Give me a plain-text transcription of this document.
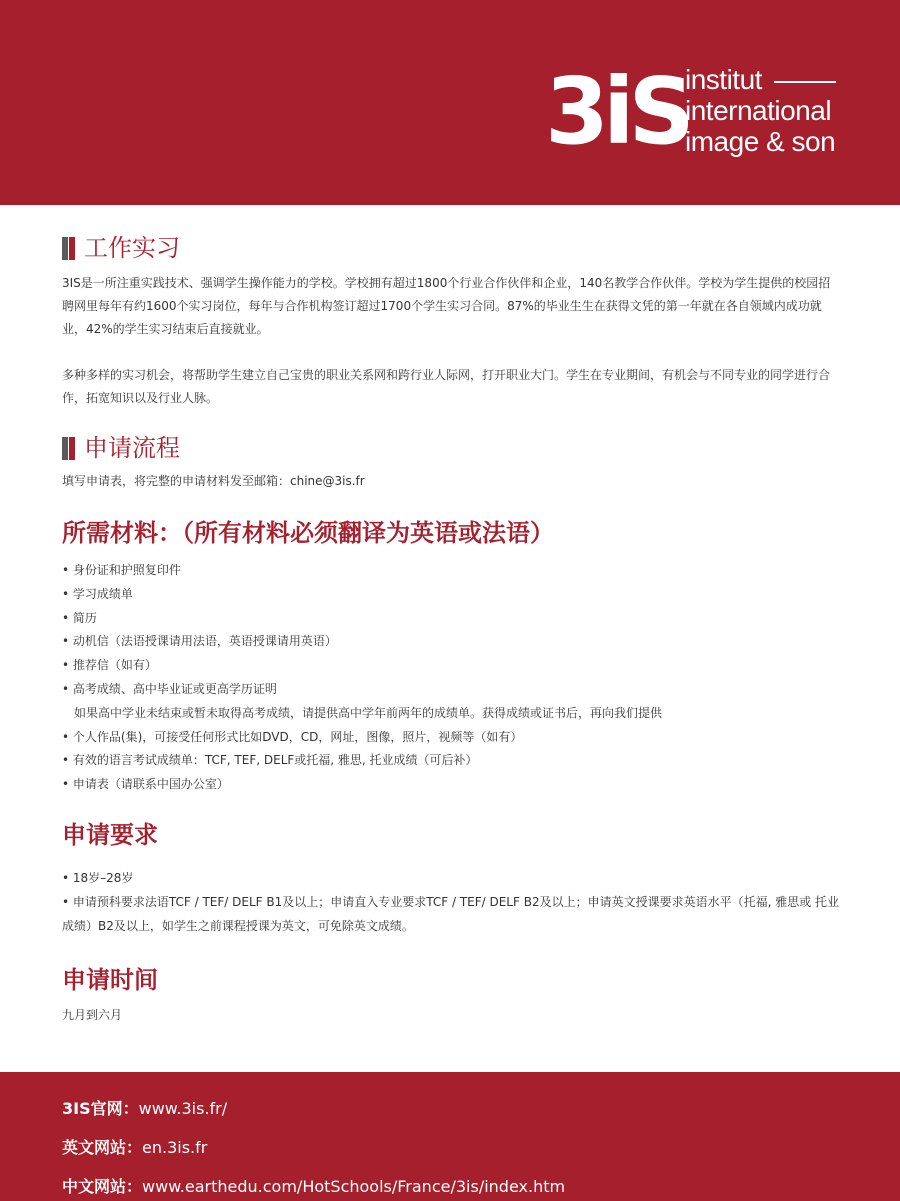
3iS
institut
international
image & son
工作实习

3IS是一所注重实践技术、强调学生操作能力的学校。学校拥有超过1800个行业合作伙伴和企业，140名教学合作伙伴。学校为学生提供的校园招聘网里每年有约1600个实习岗位，每年与合作机构签订超过1700个学生实习合同。87%的毕业生生在获得文凭的第一年就在各自领域内成功就业，42%的学生实习结束后直接就业。

多种多样的实习机会，将帮助学生建立自己宝贵的职业关系网和跨行业人际网，打开职业大门。学生在专业期间，有机会与不同专业的同学进行合作，拓宽知识以及行业人脉。

申请流程

填写申请表，将完整的申请材料发至邮箱：chine@3is.fr

所需材料：（所有材料必须翻译为英语或法语）
• 身份证和护照复印件
• 学习成绩单
• 简历
• 动机信（法语授课请用法语，英语授课请用英语）
• 推荐信（如有）
• 高考成绩、高中毕业证或更高学历证明
如果高中学业未结束或暂未取得高考成绩，请提供高中学年前两年的成绩单。获得成绩或证书后，再向我们提供
• 个人作品(集)，可接受任何形式比如DVD，CD，网址，图像，照片，视频等（如有）
• 有效的语言考试成绩单：TCF, TEF, DELF或托福, 雅思, 托业成绩（可后补）
• 申请表（请联系中国办公室）
申请要求
• 18岁–28岁
• 申请预科要求法语TCF / TEF/ DELF B1及以上；申请直入专业要求TCF / TEF/ DELF B2及以上；申请英文授课要求英语水平（托福, 雅思或 托业成绩）B2及以上，如学生之前课程授课为英文，可免除英文成绩。
申请时间

九月到六月

3IS官网：www.3is.fr/
英文网站：en.3is.fr
中文网站：www.earthedu.com/HotSchools/France/3is/index.htm
